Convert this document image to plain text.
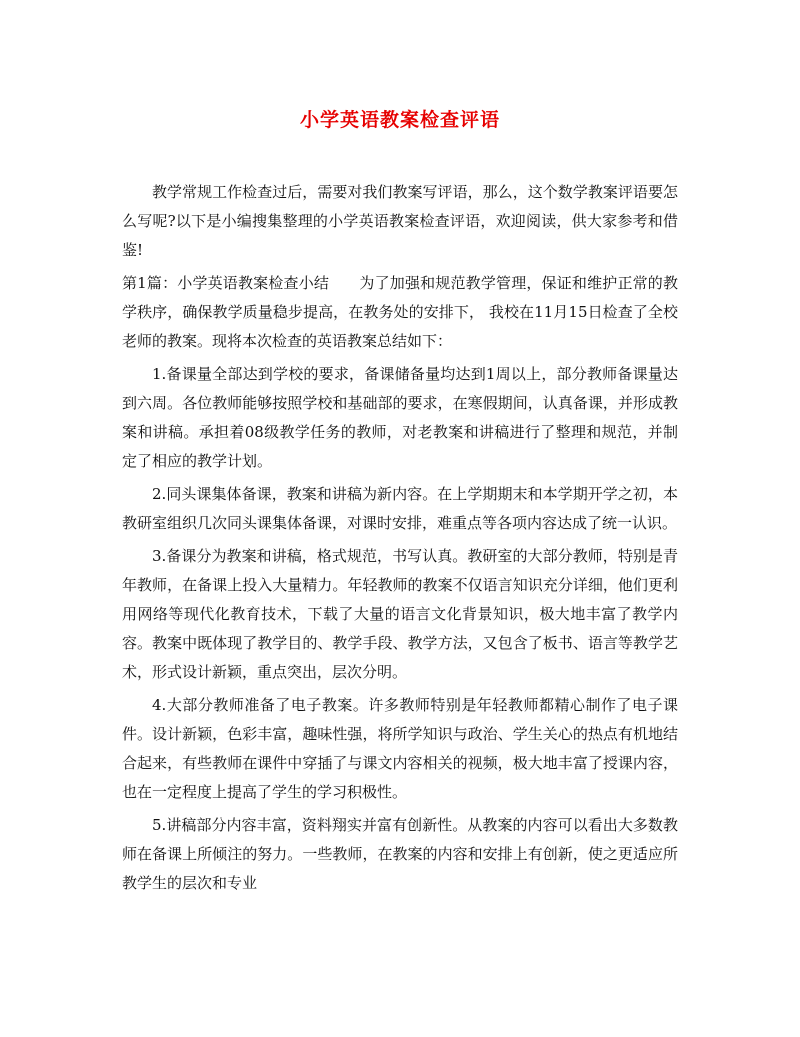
小学英语教案检查评语

教学常规工作检查过后，需要对我们教案写评语，那么，这个数学教案评语要怎么写呢?以下是小编搜集整理的小学英语教案检查评语，欢迎阅读，供大家参考和借鉴!

第1篇：小学英语教案检查小结　　为了加强和规范教学管理，保证和维护正常的教学秩序，确保教学质量稳步提高，在教务处的安排下， 我校在11月15日检查了全校老师的教案。现将本次检查的英语教案总结如下：

1.备课量全部达到学校的要求，备课储备量均达到1周以上，部分教师备课量达到六周。各位教师能够按照学校和基础部的要求，在寒假期间，认真备课，并形成教案和讲稿。承担着08级教学任务的教师，对老教案和讲稿进行了整理和规范，并制定了相应的教学计划。

2.同头课集体备课，教案和讲稿为新内容。在上学期期末和本学期开学之初，本教研室组织几次同头课集体备课，对课时安排，难重点等各项内容达成了统一认识。

3.备课分为教案和讲稿，格式规范，书写认真。教研室的大部分教师，特别是青年教师，在备课上投入大量精力。年轻教师的教案不仅语言知识充分详细，他们更利用网络等现代化教育技术，下载了大量的语言文化背景知识，极大地丰富了教学内容。教案中既体现了教学目的、教学手段、教学方法，又包含了板书、语言等教学艺术，形式设计新颖，重点突出，层次分明。

4.大部分教师准备了电子教案。许多教师特别是年轻教师都精心制作了电子课件。设计新颖，色彩丰富，趣味性强，将所学知识与政治、学生关心的热点有机地结合起来，有些教师在课件中穿插了与课文内容相关的视频，极大地丰富了授课内容，也在一定程度上提高了学生的学习积极性。

5.讲稿部分内容丰富，资料翔实并富有创新性。从教案的内容可以看出大多数教师在备课上所倾注的努力。一些教师，在教案的内容和安排上有创新，使之更适应所教学生的层次和专业
